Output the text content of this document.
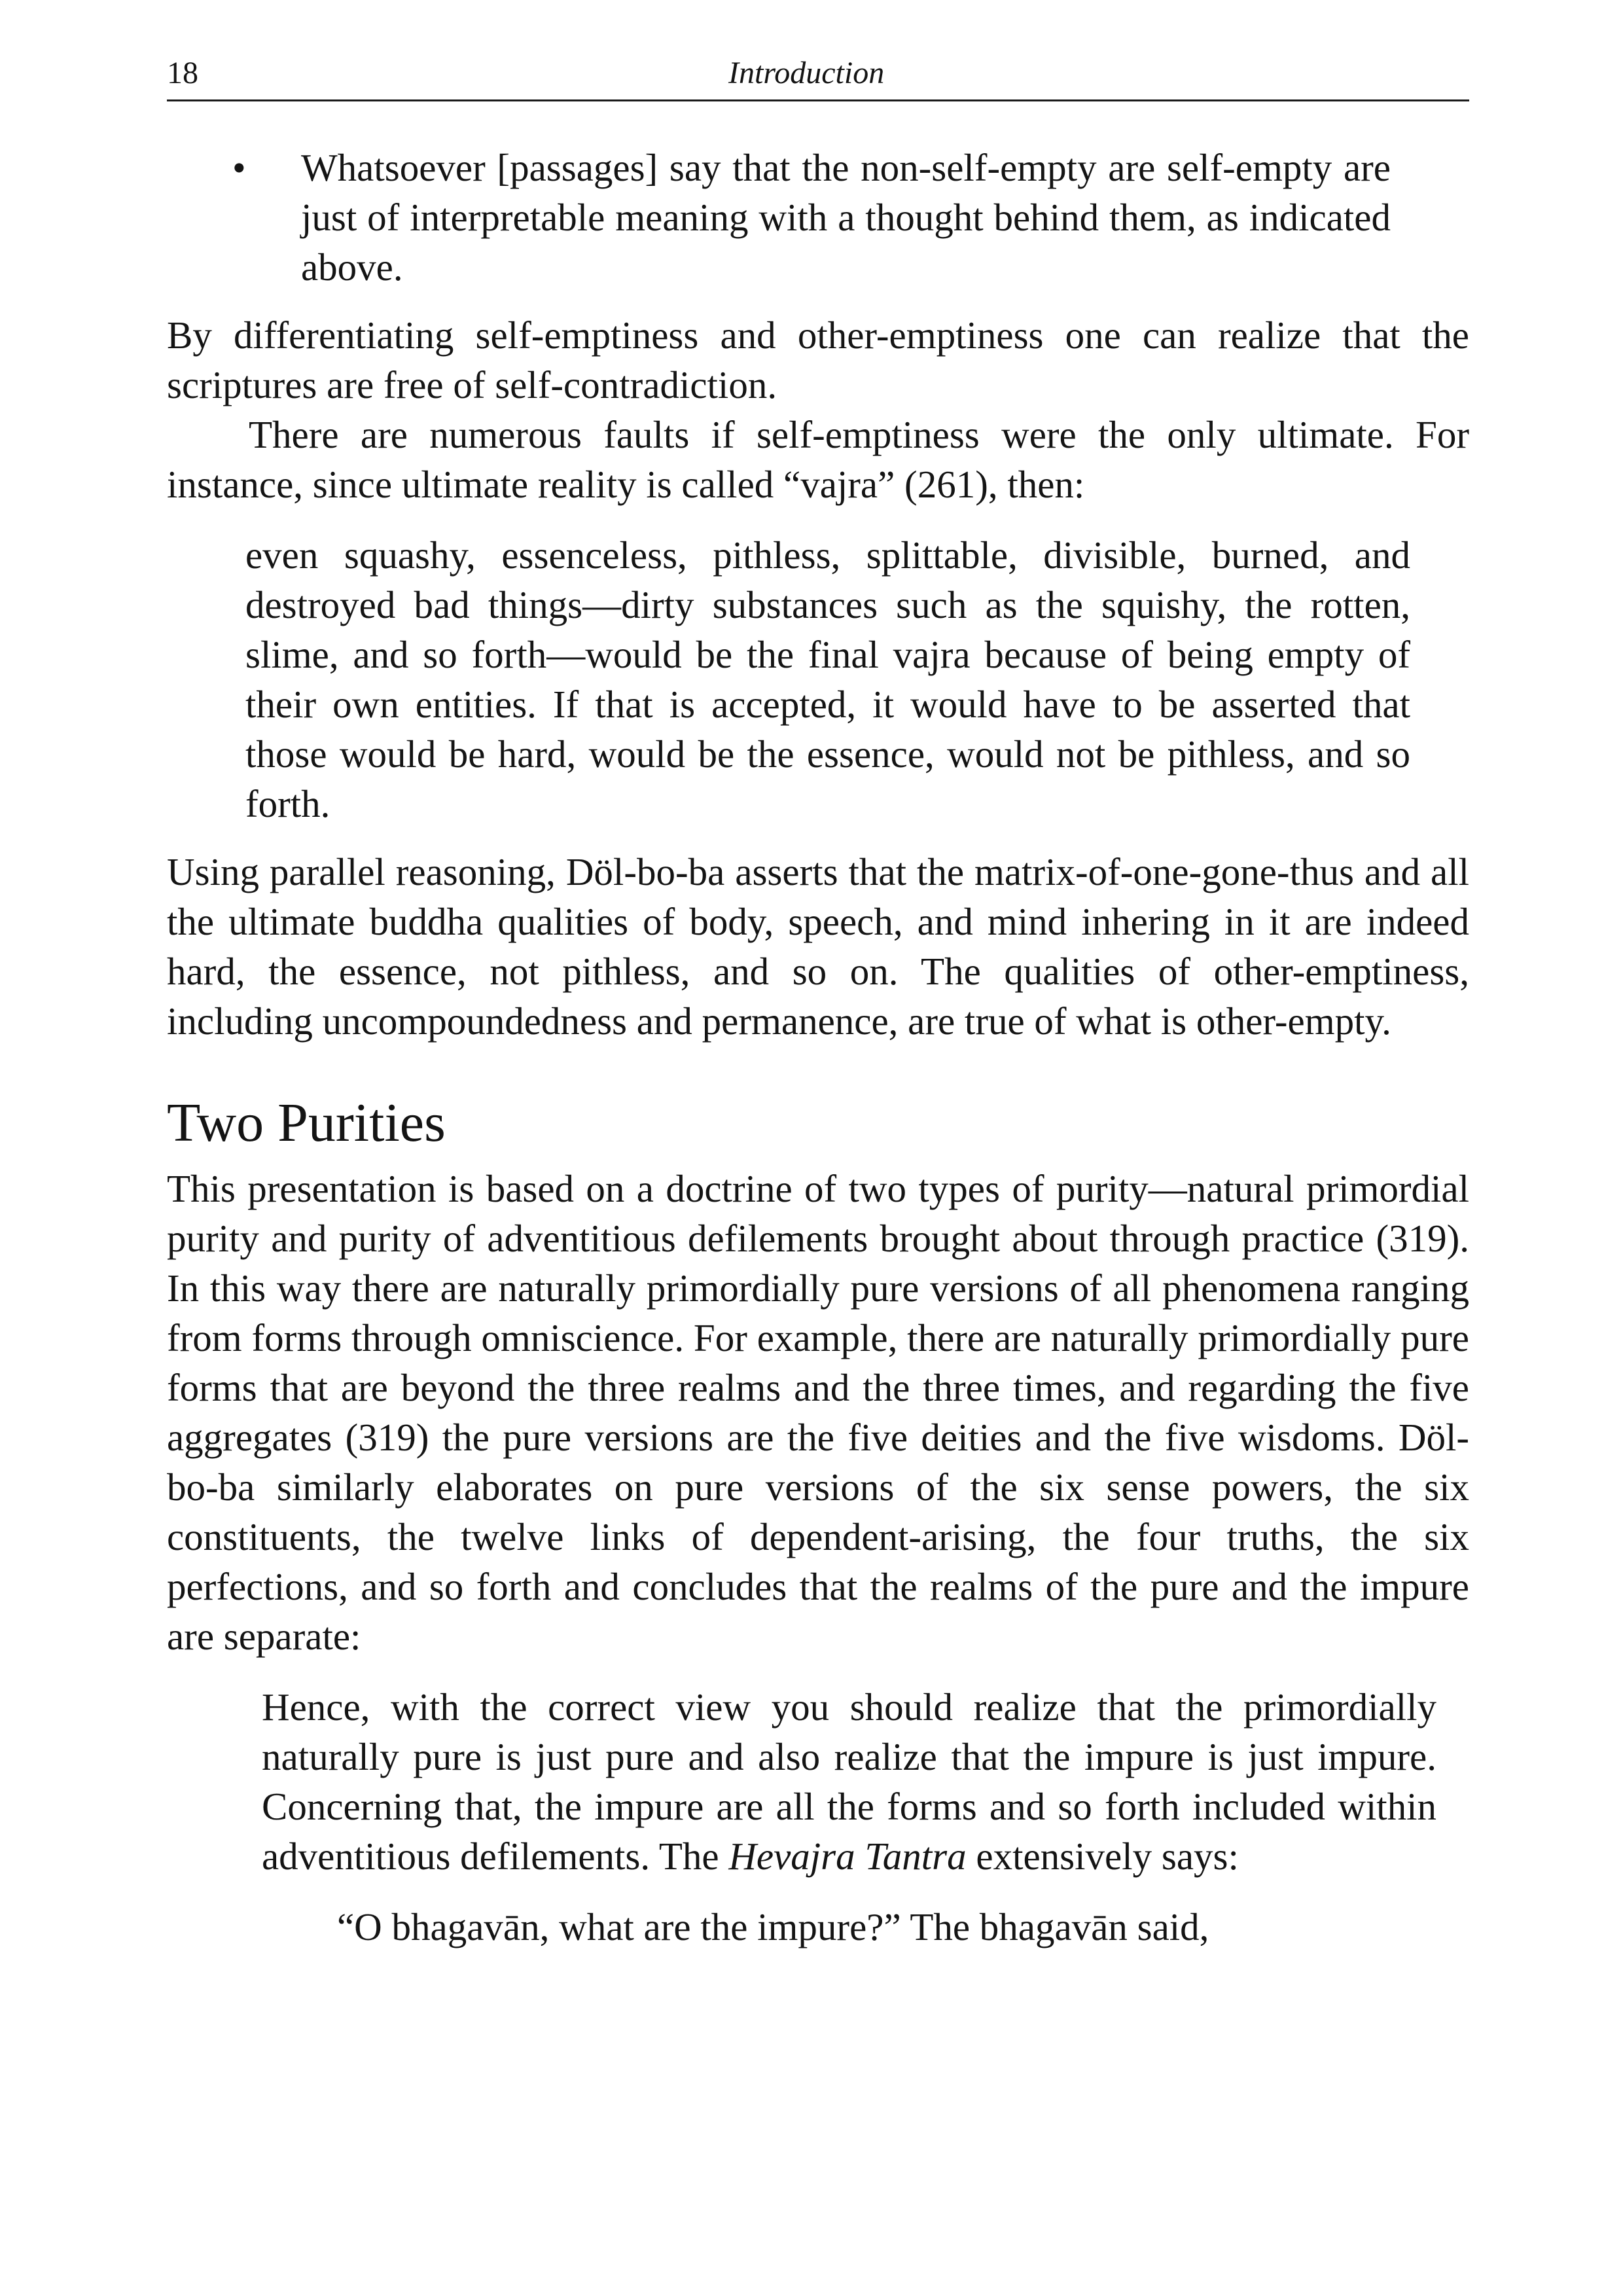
18	Introduction

• Whatsoever [passages] say that the non-self-empty are self-empty are just of interpretable meaning with a thought behind them, as indicated above.

By differentiating self-emptiness and other-emptiness one can realize that the scriptures are free of self-contradiction.

There are numerous faults if self-emptiness were the only ultimate. For instance, since ultimate reality is called “vajra” (261), then:

even squashy, essenceless, pithless, splittable, divisible, burned, and destroyed bad things—dirty substances such as the squishy, the rotten, slime, and so forth—would be the final vajra because of being empty of their own entities. If that is accepted, it would have to be asserted that those would be hard, would be the essence, would not be pithless, and so forth.

Using parallel reasoning, Döl-bo-ba asserts that the matrix-of-one-gone-thus and all the ultimate buddha qualities of body, speech, and mind inhering in it are indeed hard, the essence, not pithless, and so on. The qualities of other-emptiness, including uncompoundedness and permanence, are true of what is other-empty.

Two Purities

This presentation is based on a doctrine of two types of purity—natural primordial purity and purity of adventitious defilements brought about through practice (319). In this way there are naturally primordially pure versions of all phenomena ranging from forms through omniscience. For example, there are naturally primordially pure forms that are beyond the three realms and the three times, and regarding the five aggregates (319) the pure versions are the five deities and the five wisdoms. Döl-bo-ba similarly elaborates on pure versions of the six sense powers, the six constituents, the twelve links of dependent-arising, the four truths, the six perfections, and so forth and concludes that the realms of the pure and the impure are separate:

Hence, with the correct view you should realize that the primordially naturally pure is just pure and also realize that the impure is just impure. Concerning that, the impure are all the forms and so forth included within adventitious defilements. The Hevajra Tantra extensively says:

“O bhagavān, what are the impure?” The bhagavān said,
